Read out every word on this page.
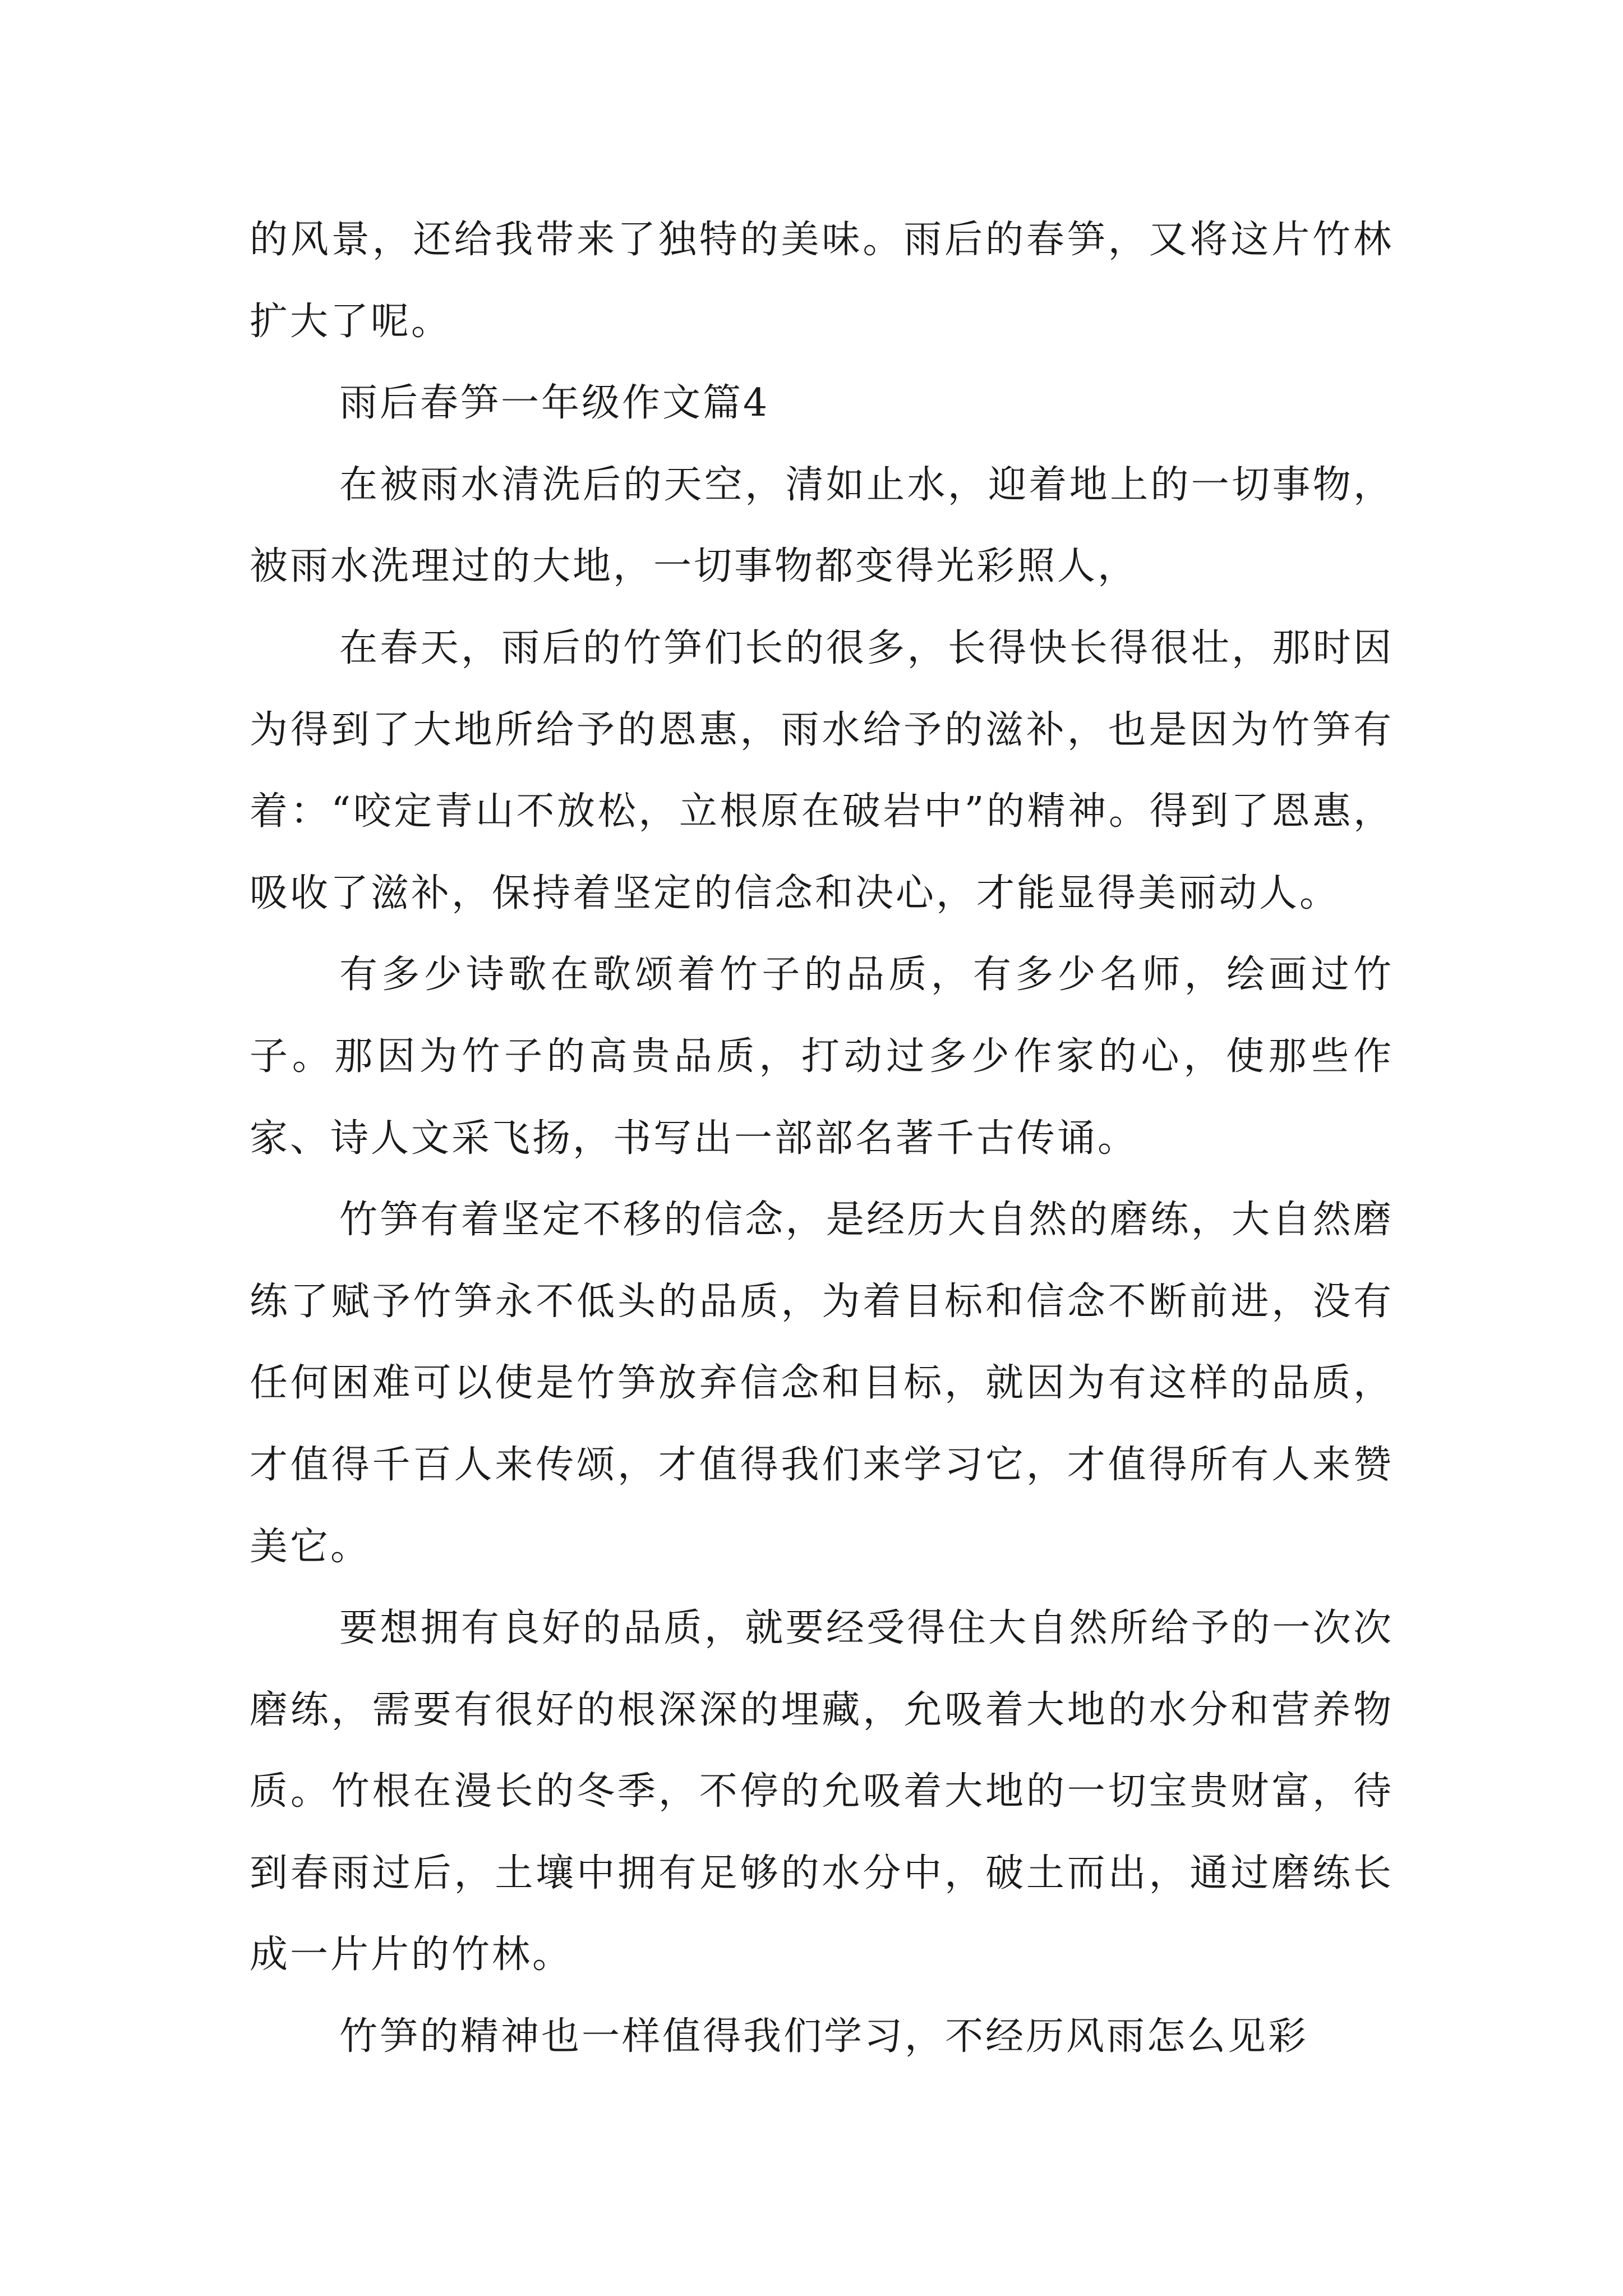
的风景，还给我带来了独特的美味。雨后的春笋，又将这片竹林扩大了呢。

雨后春笋一年级作文篇4

在被雨水清洗后的天空，清如止水，迎着地上的一切事物，被雨水洗理过的大地，一切事物都变得光彩照人，

在春天，雨后的竹笋们长的很多，长得快长得很壮，那时因为得到了大地所给予的恩惠，雨水给予的滋补，也是因为竹笋有着：“咬定青山不放松，立根原在破岩中”的精神。得到了恩惠，吸收了滋补，保持着坚定的信念和决心，才能显得美丽动人。

有多少诗歌在歌颂着竹子的品质，有多少名师，绘画过竹子。那因为竹子的高贵品质，打动过多少作家的心，使那些作家、诗人文采飞扬，书写出一部部名著千古传诵。

竹笋有着坚定不移的信念，是经历大自然的磨练，大自然磨练了赋予竹笋永不低头的品质，为着目标和信念不断前进，没有任何困难可以使是竹笋放弃信念和目标，就因为有这样的品质，才值得千百人来传颂，才值得我们来学习它，才值得所有人来赞美它。

要想拥有良好的品质，就要经受得住大自然所给予的一次次磨练，需要有很好的根深深的埋藏，允吸着大地的水分和营养物质。竹根在漫长的冬季，不停的允吸着大地的一切宝贵财富，待到春雨过后，土壤中拥有足够的水分中，破土而出，通过磨练长成一片片的竹林。

竹笋的精神也一样值得我们学习，不经历风雨怎么见彩
